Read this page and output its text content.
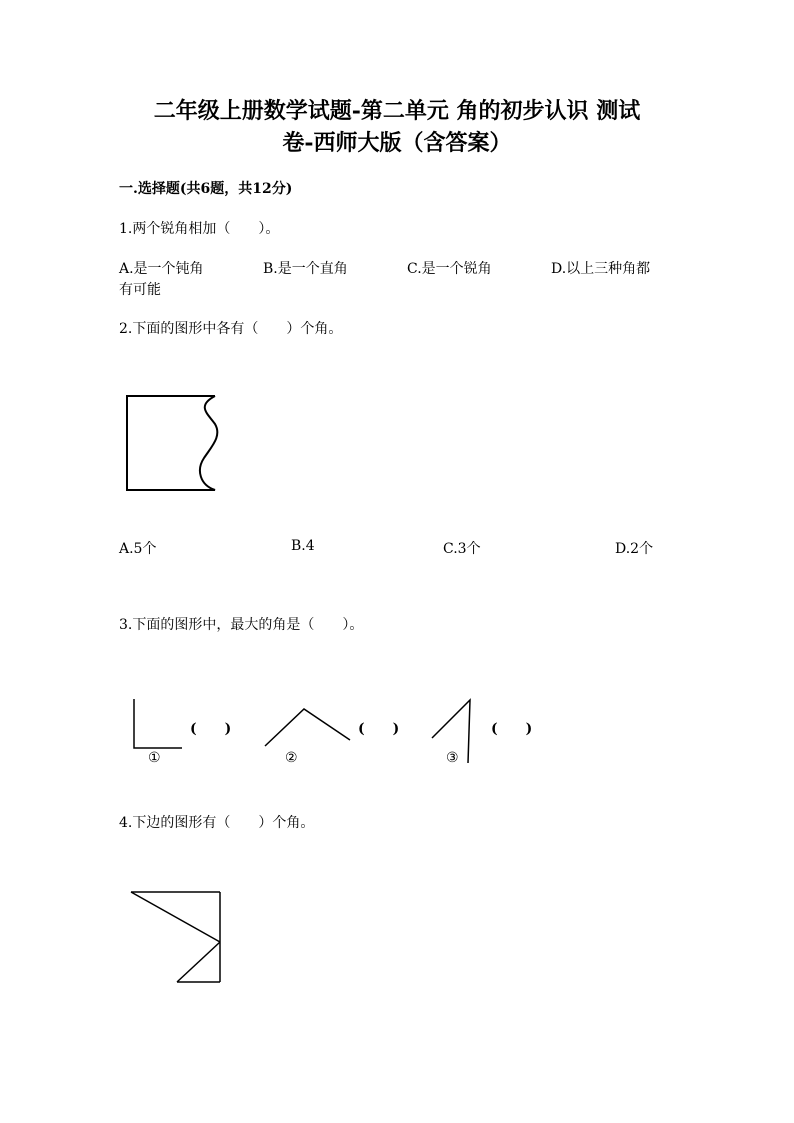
二年级上册数学试题-第二单元 角的初步认识 测试
卷-西师大版（含答案）
一.选择题(共6题，共12分)
1.两个锐角相加（　　）。
A.是一个钝角	B.是一个直角	C.是一个锐角	D.以上三种角都
有可能
2.下面的图形中各有（　　）个角。
A.5个	B.4	C.3个	D.2个
3.下面的图形中，最大的角是（　　）。
(　　)	(　　)	(　　)
①	②	③
4.下边的图形有（　　）个角。
